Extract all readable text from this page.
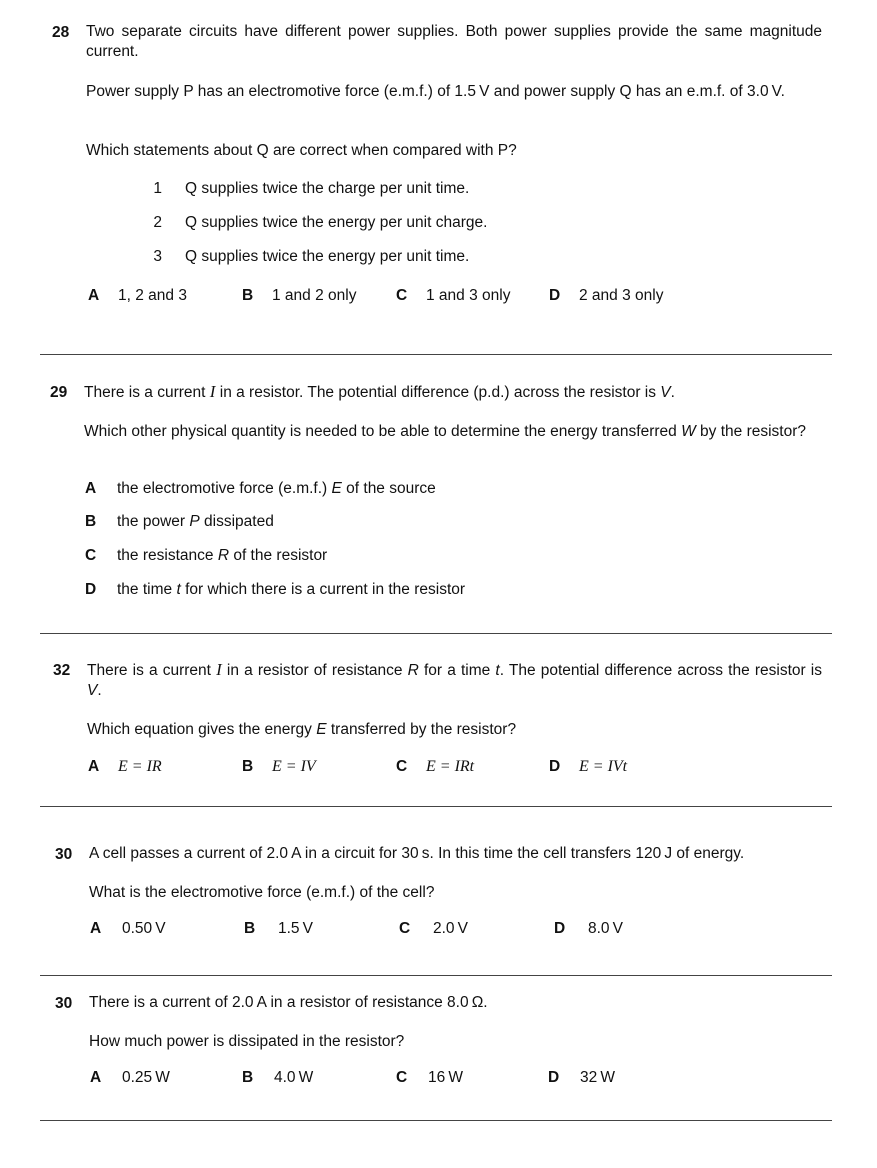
28 Two separate circuits have different power supplies. Both power supplies provide the same magnitude current.
Power supply P has an electromotive force (e.m.f.) of 1.5 V and power supply Q has an e.m.f. of 3.0 V.
Which statements about Q are correct when compared with P?
1 Q supplies twice the charge per unit time.
2 Q supplies twice the energy per unit charge.
3 Q supplies twice the energy per unit time.
A 1, 2 and 3	B 1 and 2 only	C 1 and 3 only D 2 and 3 only
29 There is a current I in a resistor. The potential difference (p.d.) across the resistor is V.
Which other physical quantity is needed to be able to determine the energy transferred W by the resistor?
A the electromotive force (e.m.f.) E of the source
B the power P dissipated
C the resistance R of the resistor
D the time t for which there is a current in the resistor
32 There is a current I in a resistor of resistance R for a time t. The potential difference across the resistor is V.
Which equation gives the energy E transferred by the resistor?
A E = IR	B E = IV	C E = IRt	D E = IVt
30 A cell passes a current of 2.0 A in a circuit for 30 s. In this time the cell transfers 120 J of energy.
What is the electromotive force (e.m.f.) of the cell?
A 0.50 V	B 1.5 V	C 2.0 V	D 8.0 V
30 There is a current of 2.0 A in a resistor of resistance 8.0 Ω.
How much power is dissipated in the resistor?
A 0.25 W	B 4.0 W	C 16 W	D 32 W
